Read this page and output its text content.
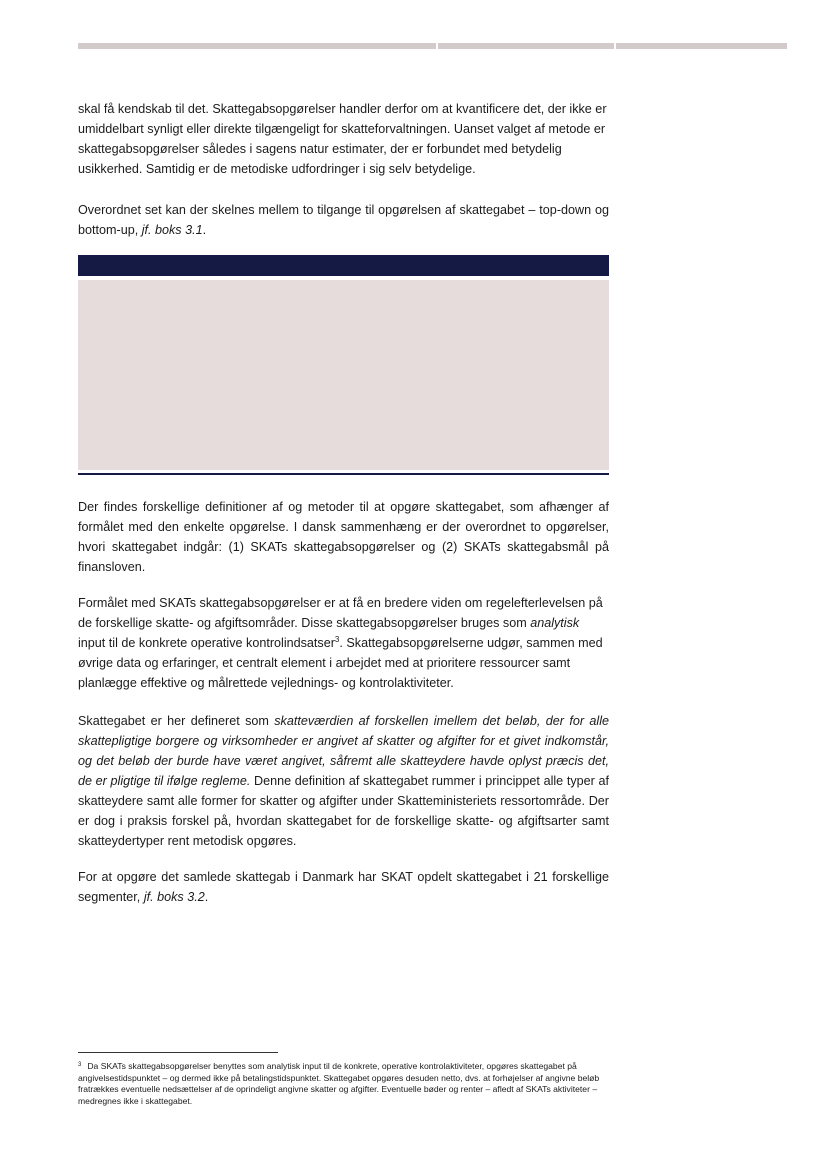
skal få kendskab til det. Skattegabsopgørelser handler derfor om at kvantificere det, der ikke er umiddelbart synligt eller direkte tilgængeligt for skatteforvaltningen. Uanset valget af metode er skattegabsopgørelser således i sagens natur estimater, der er forbundet med betydelig usikkerhed. Samtidig er de metodiske udfordringer i sig selv betydelige.

Overordnet set kan der skelnes mellem to tilgange til opgørelsen af skattegabet – top-down og bottom-up, jf. boks 3.1.

Der findes forskellige definitioner af og metoder til at opgøre skattegabet, som afhænger af formålet med den enkelte opgørelse. I dansk sammenhæng er der overordnet to opgørelser, hvori skattegabet indgår: (1) SKATs skattegabsopgørelser og (2) SKATs skattegabsmål på finansloven.

Formålet med SKATs skattegabsopgørelser er at få en bredere viden om regelefterlevelsen på de forskellige skatte- og afgiftsområder. Disse skattegabsopgørelser bruges som analytisk input til de konkrete operative kontrolindsatser$^3$. Skattegabsopgørelserne udgør, sammen med øvrige data og erfaringer, et centralt element i arbejdet med at prioritere ressourcer samt planlægge effektive og målrettede vejlednings- og kontrolaktiviteter.

Skattegabet er her defineret som skatteværdien af forskellen imellem det beløb, der for alle skattepligtige borgere og virksomheder er angivet af skatter og afgifter for et givet indkomstår, og det beløb der burde have været angivet, såfremt alle skatteydere havde oplyst præcis det, de er pligtige til ifølge regleme. Denne definition af skattegabet rummer i princippet alle typer af skatteydere samt alle former for skatter og afgifter under Skatteministeriets ressortområde. Der er dog i praksis forskel på, hvordan skattegabet for de forskellige skatte- og afgiftsarter samt skatteydertyper rent metodisk opgøres.

For at opgøre det samlede skattegab i Danmark har SKAT opdelt skattegabet i 21 forskellige segmenter, jf. boks 3.2.

$^3$ Da SKATs skattegabsopgørelser benyttes som analytisk input til de konkrete, operative kontrolaktiviteter, opgøres skattegabet på angivelsestidspunktet – og dermed ikke på betalingstidspunktet. Skattegabet opgøres desuden netto, dvs. at forhøjelser af angivne beløb fratrækkes eventuelle nedsættelser af de oprindeligt angivne skatter og afgifter. Eventuelle bøder og renter – afledt af SKATs aktiviteter – medregnes ikke i skattegabet.
